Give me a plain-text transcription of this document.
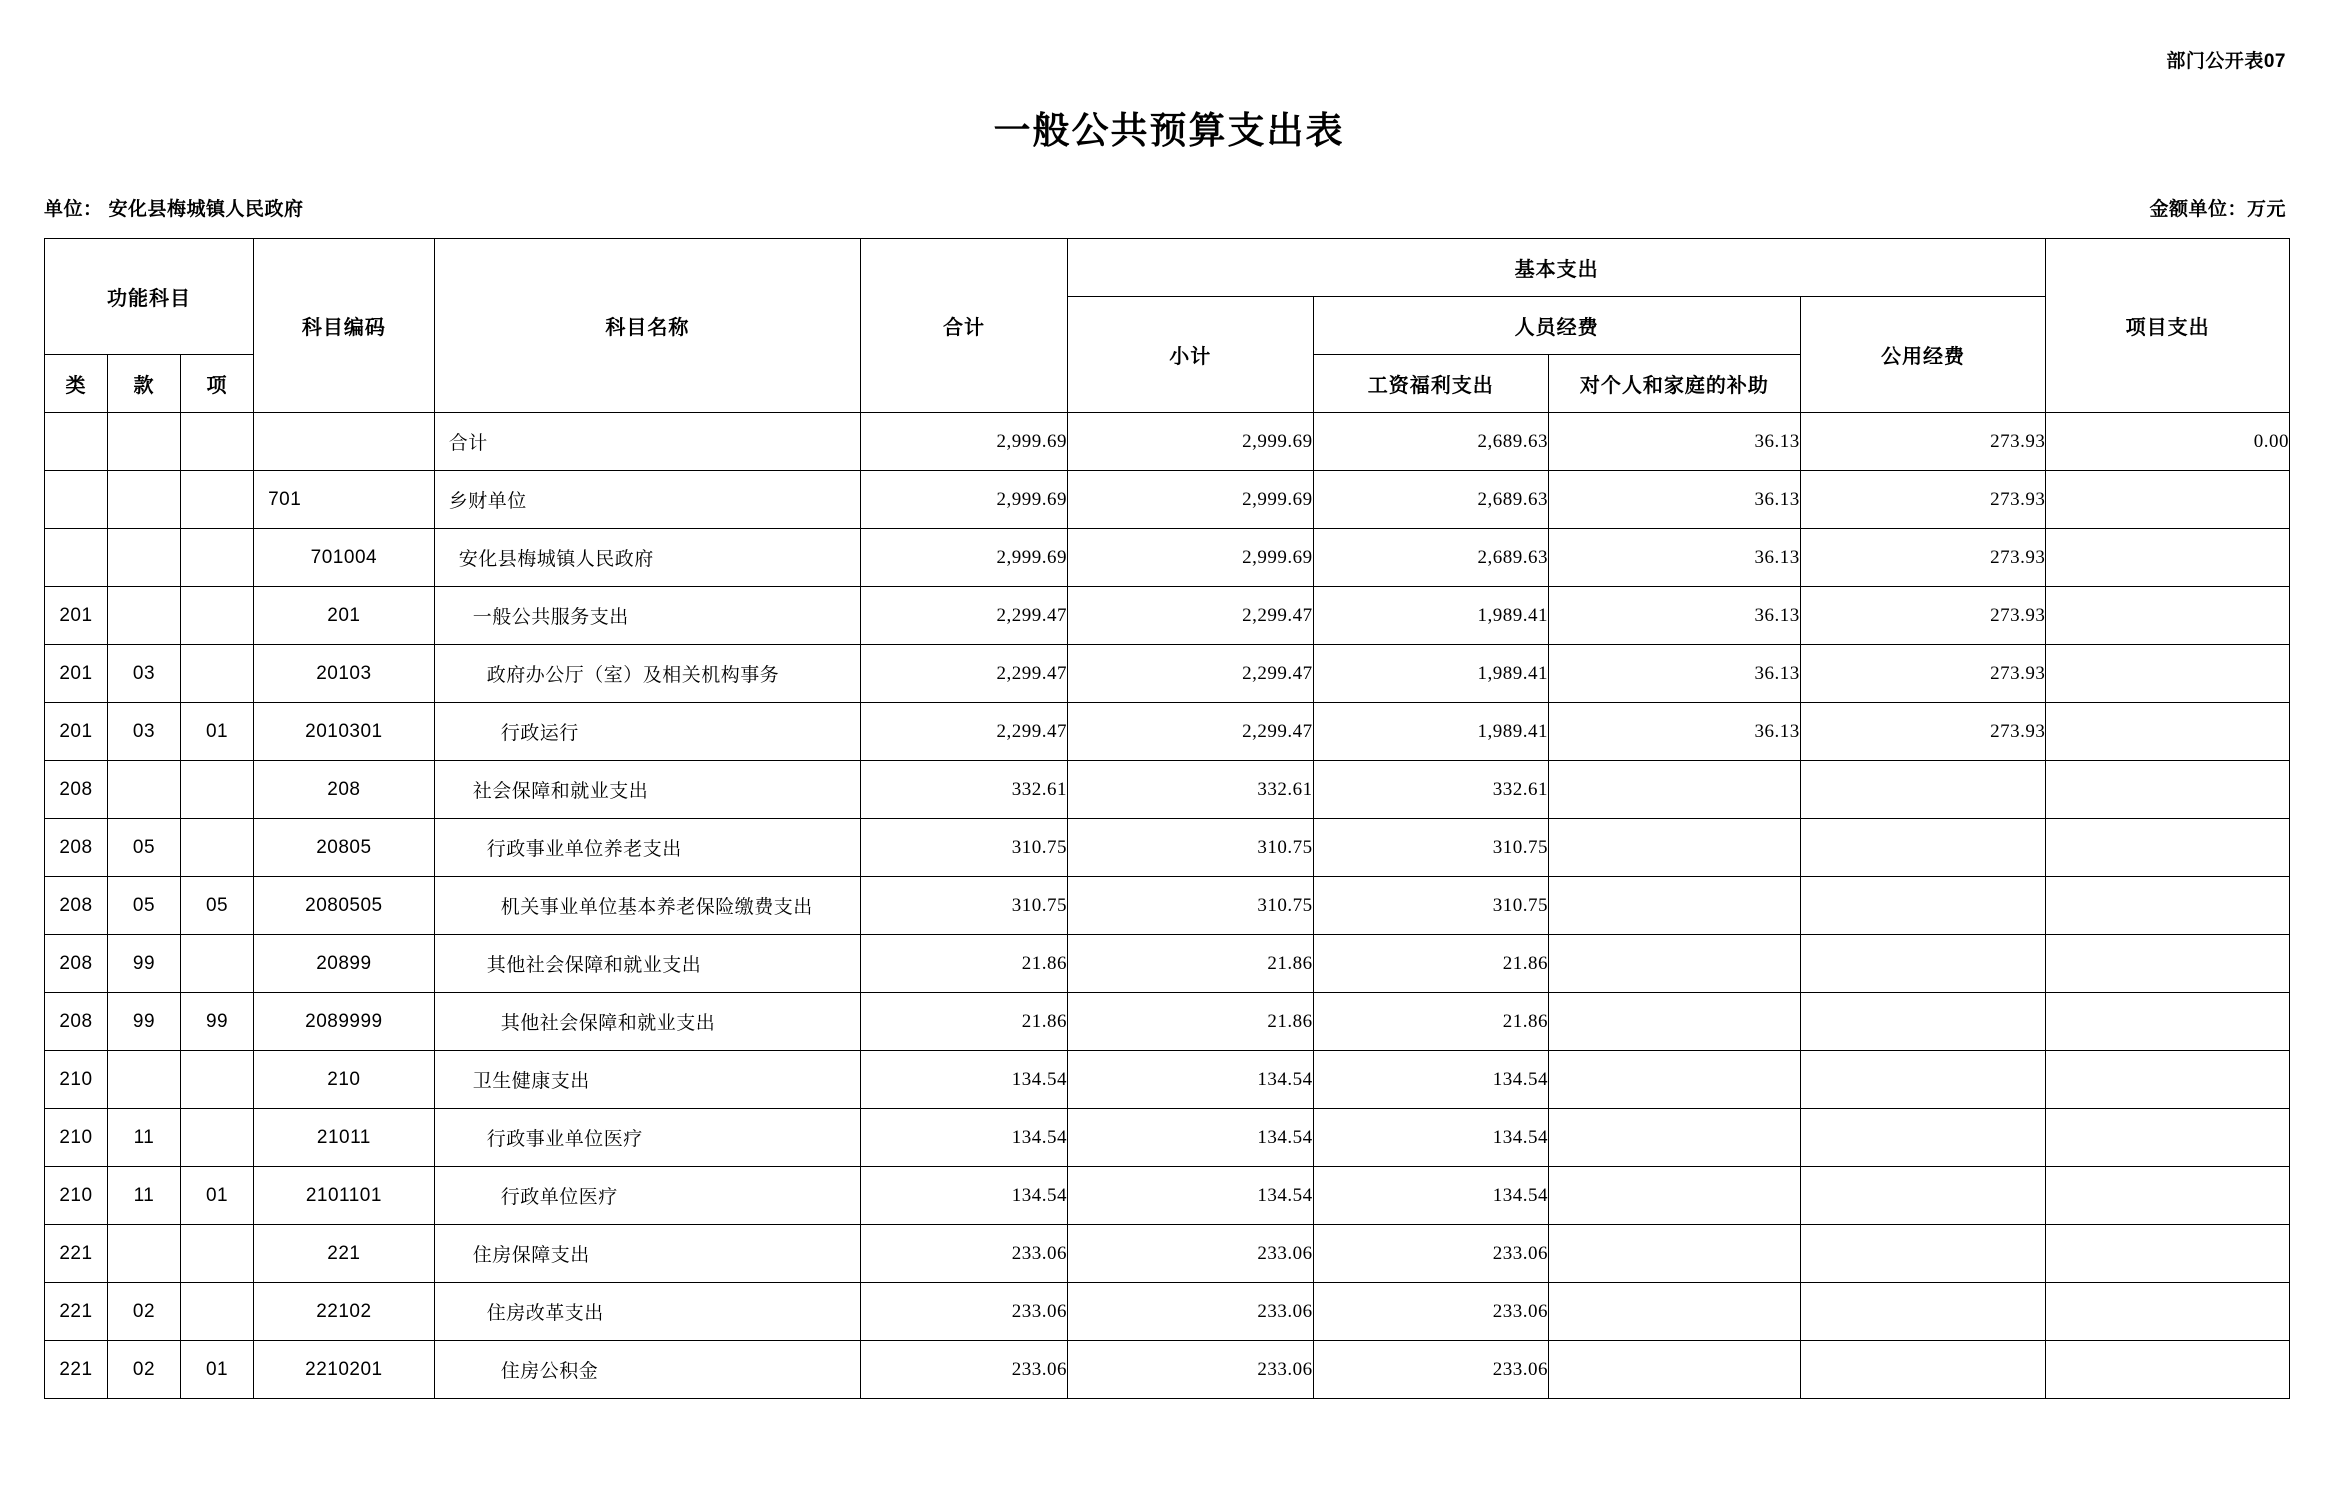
部门公开表07
一般公共预算支出表
单位： 安化县梅城镇人民政府	金额单位：万元
功能科目			科目编码	科目名称	合计	基本支出				项目支出
						小计	人员经费		公用经费	
类	款	项					工资福利支出	对个人和家庭的补助		
				合计	2,999.69	2,999.69	2,689.63	36.13	273.93	0.00
			701	乡财单位	2,999.69	2,999.69	2,689.63	36.13	273.93	
			701004	安化县梅城镇人民政府	2,999.69	2,999.69	2,689.63	36.13	273.93	
201			201	一般公共服务支出	2,299.47	2,299.47	1,989.41	36.13	273.93	
201	03		20103	政府办公厅（室）及相关机构事务	2,299.47	2,299.47	1,989.41	36.13	273.93	
201	03	01	2010301	行政运行	2,299.47	2,299.47	1,989.41	36.13	273.93	
208			208	社会保障和就业支出	332.61	332.61	332.61			
208	05		20805	行政事业单位养老支出	310.75	310.75	310.75			
208	05	05	2080505	机关事业单位基本养老保险缴费支出	310.75	310.75	310.75			
208	99		20899	其他社会保障和就业支出	21.86	21.86	21.86			
208	99	99	2089999	其他社会保障和就业支出	21.86	21.86	21.86			
210			210	卫生健康支出	134.54	134.54	134.54			
210	11		21011	行政事业单位医疗	134.54	134.54	134.54			
210	11	01	2101101	行政单位医疗	134.54	134.54	134.54			
221			221	住房保障支出	233.06	233.06	233.06			
221	02		22102	住房改革支出	233.06	233.06	233.06			
221	02	01	2210201	住房公积金	233.06	233.06	233.06			
